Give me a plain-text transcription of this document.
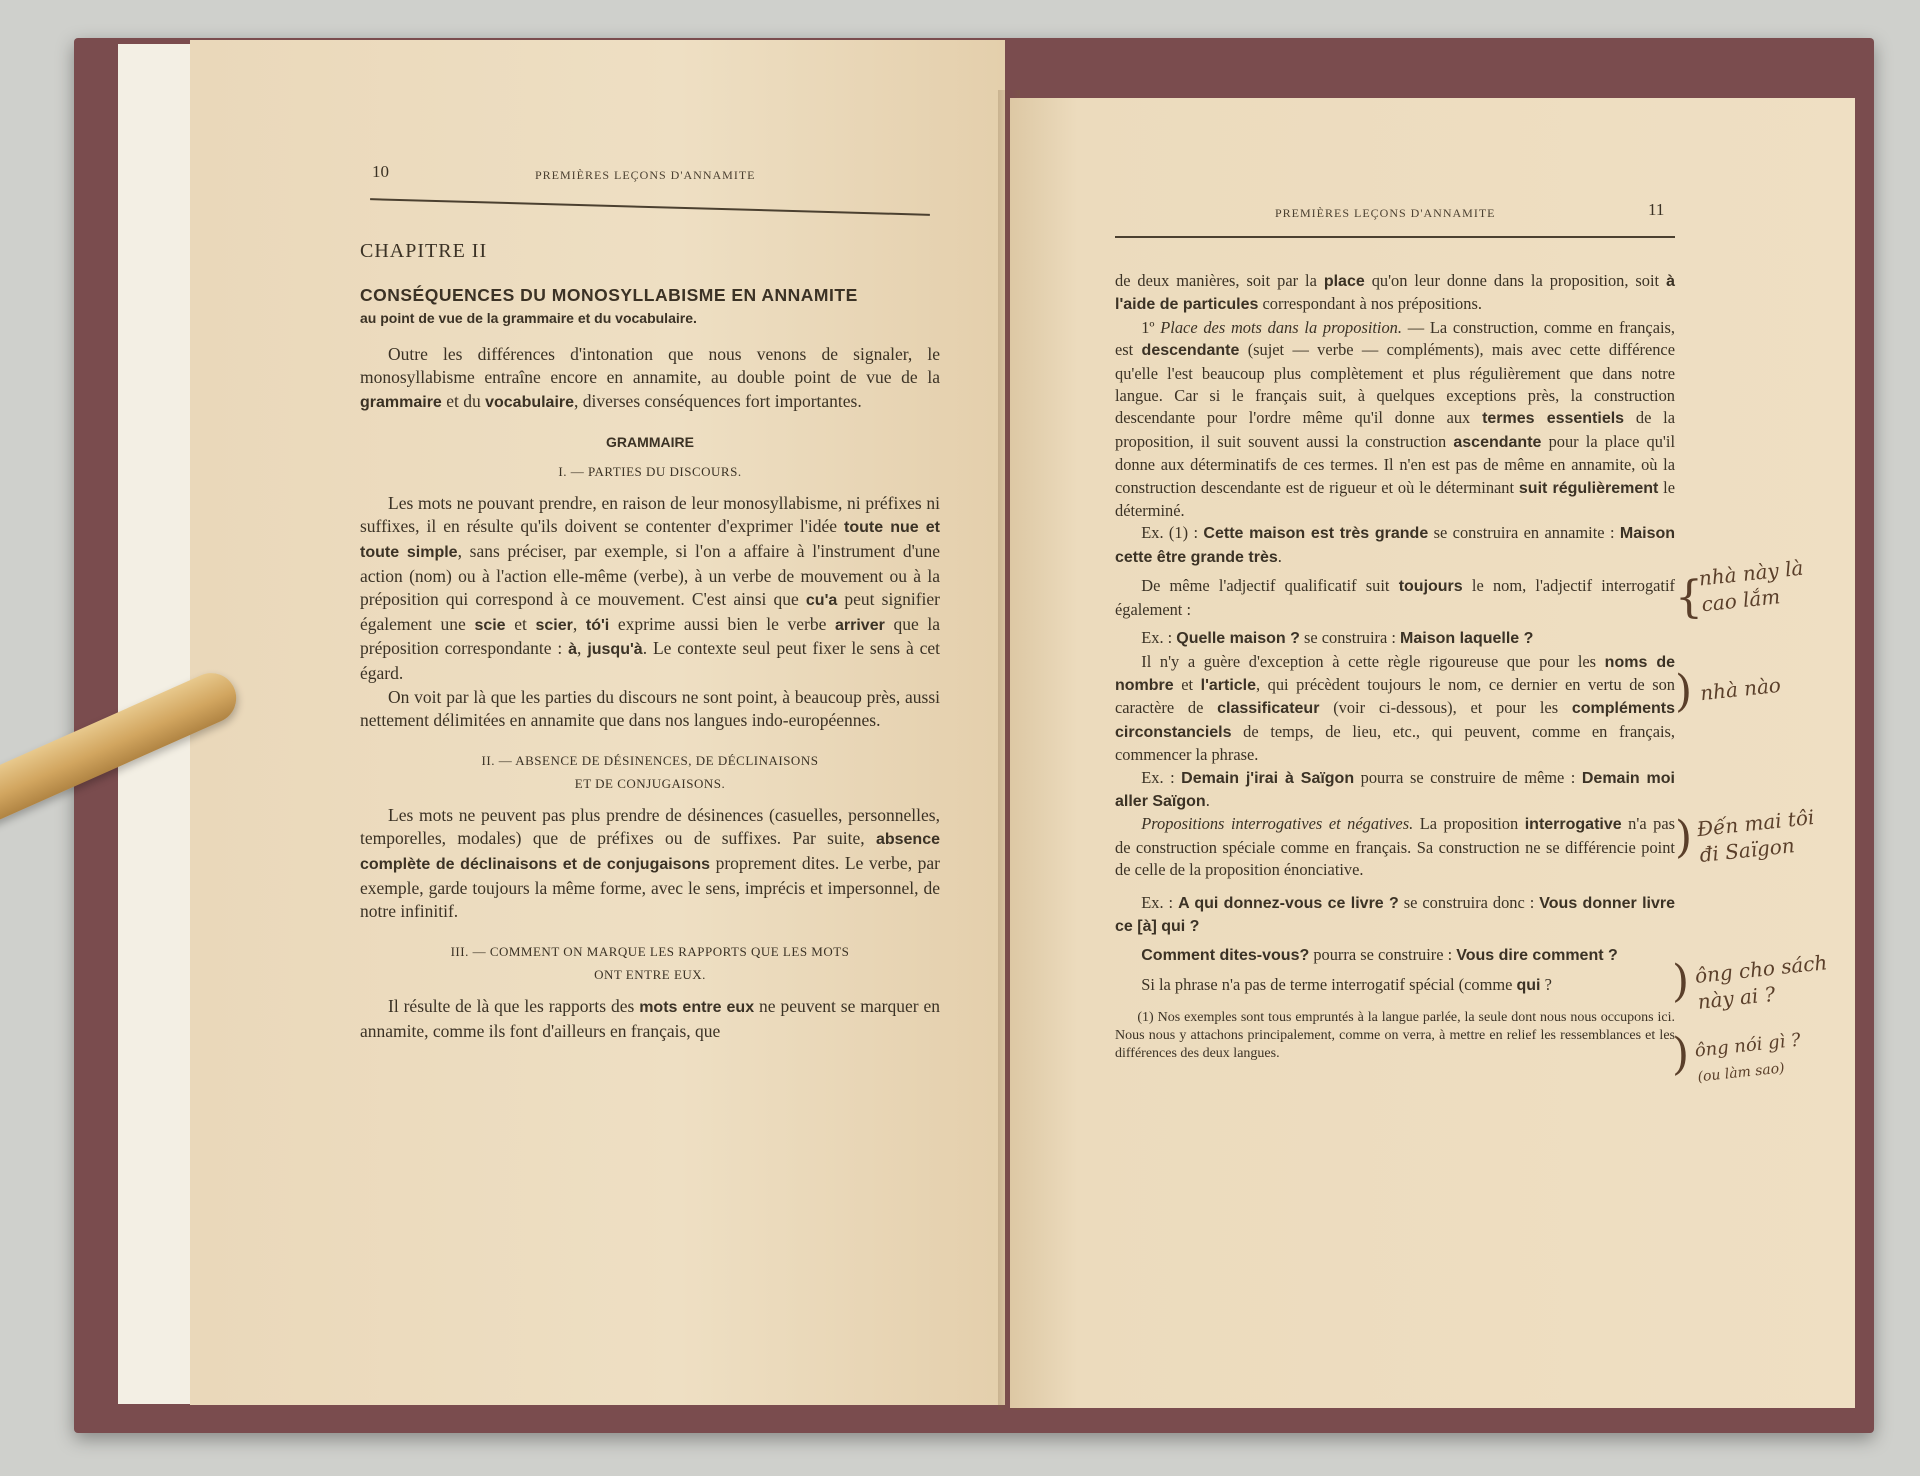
10	PREMIÈRES LEÇONS D'ANNAMITE

CHAPITRE II

CONSÉQUENCES DU MONOSYLLABISME EN ANNAMITE

au point de vue de la grammaire et du vocabulaire.

Outre les différences d'intonation que nous venons de signaler, le monosyllabisme entraîne encore en annamite, au double point de vue de la grammaire et du vocabulaire, diverses conséquences fort importantes.

GRAMMAIRE

I. — PARTIES DU DISCOURS.

Les mots ne pouvant prendre, en raison de leur monosyllabisme, ni préfixes ni suffixes, il en résulte qu'ils doivent se contenter d'exprimer l'idée toute nue et toute simple, sans préciser, par exemple, si l'on a affaire à l'instrument d'une action (nom) ou à l'action elle-même (verbe), à un verbe de mouvement ou à la préposition qui correspond à ce mouvement. C'est ainsi que cu'a peut signifier également une scie et scier, tó'i exprime aussi bien le verbe arriver que la préposition correspondante : à, jusqu'à. Le contexte seul peut fixer le sens à cet égard.

On voit par là que les parties du discours ne sont point, à beaucoup près, aussi nettement délimitées en annamite que dans nos langues indo-européennes.

II. — ABSENCE DE DÉSINENCES, DE DÉCLINAISONS

ET DE CONJUGAISONS.

Les mots ne peuvent pas plus prendre de désinences (casuelles, personnelles, temporelles, modales) que de préfixes ou de suffixes. Par suite, absence complète de déclinaisons et de conjugaisons proprement dites. Le verbe, par exemple, garde toujours la même forme, avec le sens, imprécis et impersonnel, de notre infinitif.

III. — COMMENT ON MARQUE LES RAPPORTS QUE LES MOTS

ONT ENTRE EUX.

Il résulte de là que les rapports des mots entre eux ne peuvent se marquer en annamite, comme ils font d'ailleurs en français, que

PREMIÈRES LEÇONS D'ANNAMITE	11

de deux manières, soit par la place qu'on leur donne dans la proposition, soit à l'aide de particules correspondant à nos prépositions.

1º Place des mots dans la proposition. — La construction, comme en français, est descendante (sujet — verbe — compléments), mais avec cette différence qu'elle l'est beaucoup plus complètement et plus régulièrement que dans notre langue. Car si le français suit, à quelques exceptions près, la construction descendante pour l'ordre même qu'il donne aux termes essentiels de la proposition, il suit souvent aussi la construction ascendante pour la place qu'il donne aux déterminatifs de ces termes. Il n'en est pas de même en annamite, où la construction descendante est de rigueur et où le déterminant suit régulièrement le déterminé.

Ex. (1) : Cette maison est très grande se construira en annamite : Maison cette être grande très.

De même l'adjectif qualificatif suit toujours le nom, l'adjectif interrogatif également :

Ex. : Quelle maison ? se construira : Maison laquelle ?

Il n'y a guère d'exception à cette règle rigoureuse que pour les noms de nombre et l'article, qui précèdent toujours le nom, ce dernier en vertu de son caractère de classificateur (voir ci-dessous), et pour les compléments circonstanciels de temps, de lieu, etc., qui peuvent, comme en français, commencer la phrase.

Ex. : Demain j'irai à Saïgon pourra se construire de même : Demain moi aller Saïgon.

Propositions interrogatives et négatives. La proposition interrogative n'a pas de construction spéciale comme en français. Sa construction ne se différencie point de celle de la proposition énonciative.

Ex. : A qui donnez-vous ce livre ? se construira donc : Vous donner livre ce [à] qui ?

Comment dites-vous? pourra se construire : Vous dire comment ?

Si la phrase n'a pas de terme interrogatif spécial (comme qui ?

(1) Nos exemples sont tous empruntés à la langue parlée, la seule dont nous nous occupons ici. Nous nous y attachons principalement, comme on verra, à mettre en relief les ressemblances et les différences des deux langues.

{
nhà này là
cao lắm
) nhà nào
) Đến mai tôi
đi Saïgon
) ông cho sách
này ai ?
) ông nói gì ?
(ou làm sao)
